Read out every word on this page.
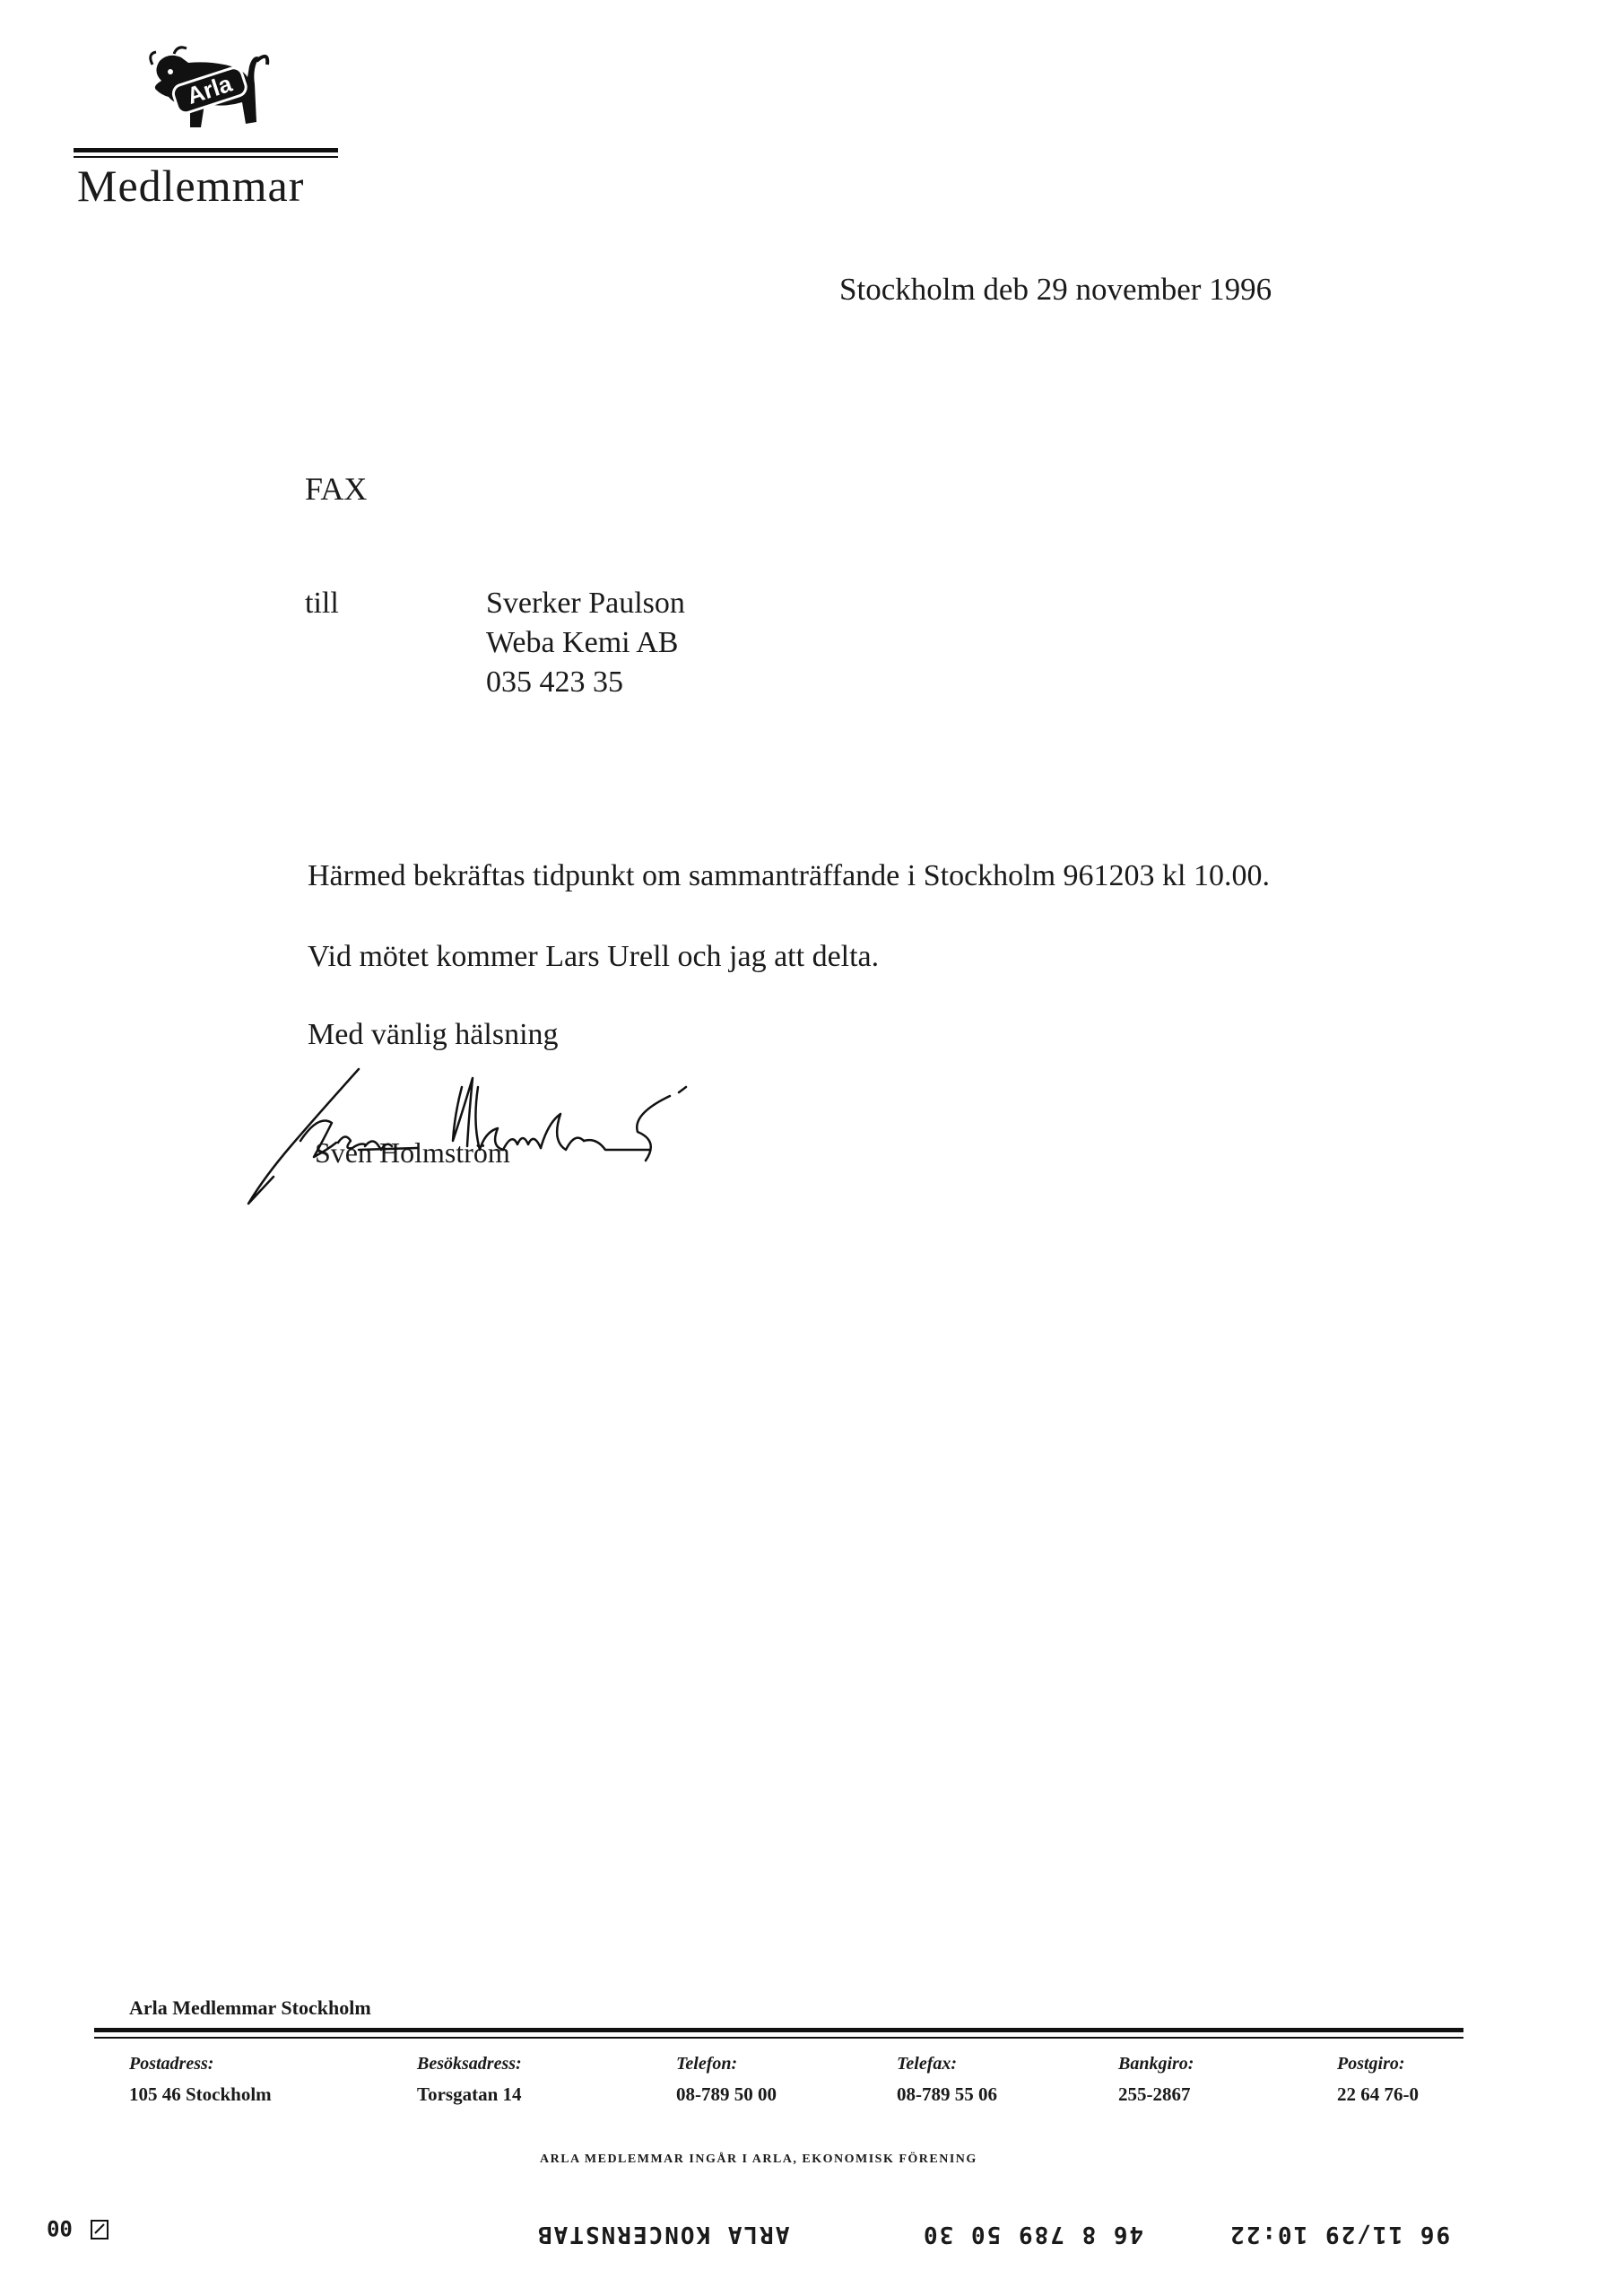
Arla
Medlemmar
Stockholm deb 29 november 1996
FAX
till	Sverker Paulson
Weba Kemi AB
035 423 35
Härmed bekräftas tidpunkt om sammanträffande i Stockholm 961203 kl 10.00.
Vid mötet kommer Lars Urell och jag att delta.
Med vänlig hälsning
Sven Holmström
Arla Medlemmar Stockholm
Postadress:
105 46 Stockholm
Besöksadress:
Torsgatan 14
Telefon:
08-789 50 00
Telefax:
08-789 55 06
Bankgiro:
255-2867
Postgiro:
22 64 76-0
ARLA MEDLEMMAR INGÅR I ARLA, EKONOMISK FÖRENING
00	ARLA KONCERNSTAB	46 8 789 50 30	96 11/29 10:22
